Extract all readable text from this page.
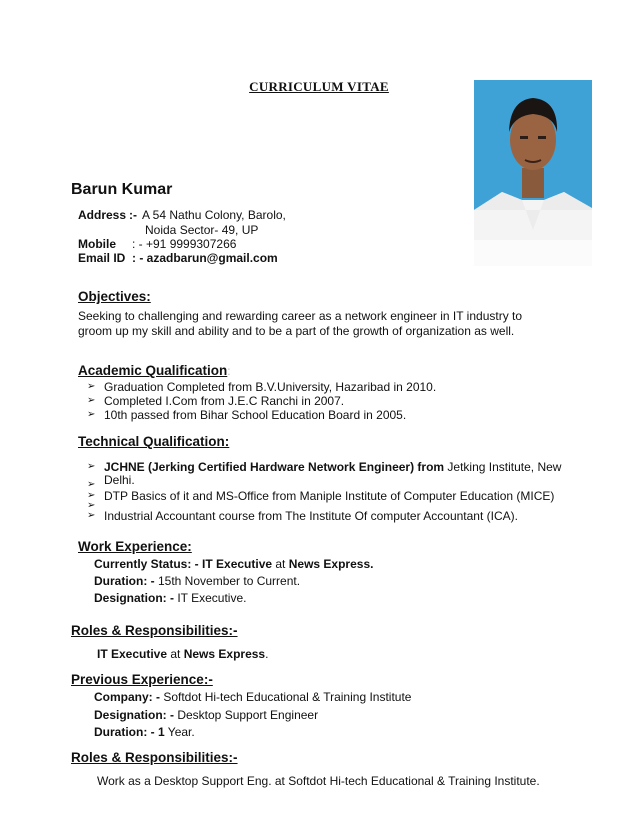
CURRICULUM VITAE
Barun Kumar
Address :- A 54 Nathu Colony, Barolo,
Noida Sector- 49, UP
Mobile : - +91 9999307266
Email ID : - azadbarun@gmail.com
Objectives:
Seeking to challenging and rewarding career as a network engineer in IT industry to
groom up my skill and ability and to be a part of the growth of organization as well.
Academic Qualification:
➢ Graduation Completed from B.V.University, Hazaribad in 2010.
➢ Completed I.Com from J.E.C Ranchi in 2007.
➢ 10th passed from Bihar School Education Board in 2005.
Technical Qualification:
➢ JCHNE (Jerking Certified Hardware Network Engineer) from Jetking Institute, New
Delhi.
➢
➢ DTP Basics of it and MS-Office from Maniple Institute of Computer Education (MICE)
➢
➢ Industrial Accountant course from The Institute Of computer Accountant (ICA).
Work Experience:
Currently Status: - IT Executive at News Express.
Duration: - 15th November to Current.
Designation: - IT Executive.
Roles & Responsibilities:-
IT Executive at News Express.
Previous Experience:-
Company: - Softdot Hi-tech Educational & Training Institute
Designation: - Desktop Support Engineer
Duration: - 1 Year.
Roles & Responsibilities:-
Work as a Desktop Support Eng. at Softdot Hi-tech Educational & Training Institute.
